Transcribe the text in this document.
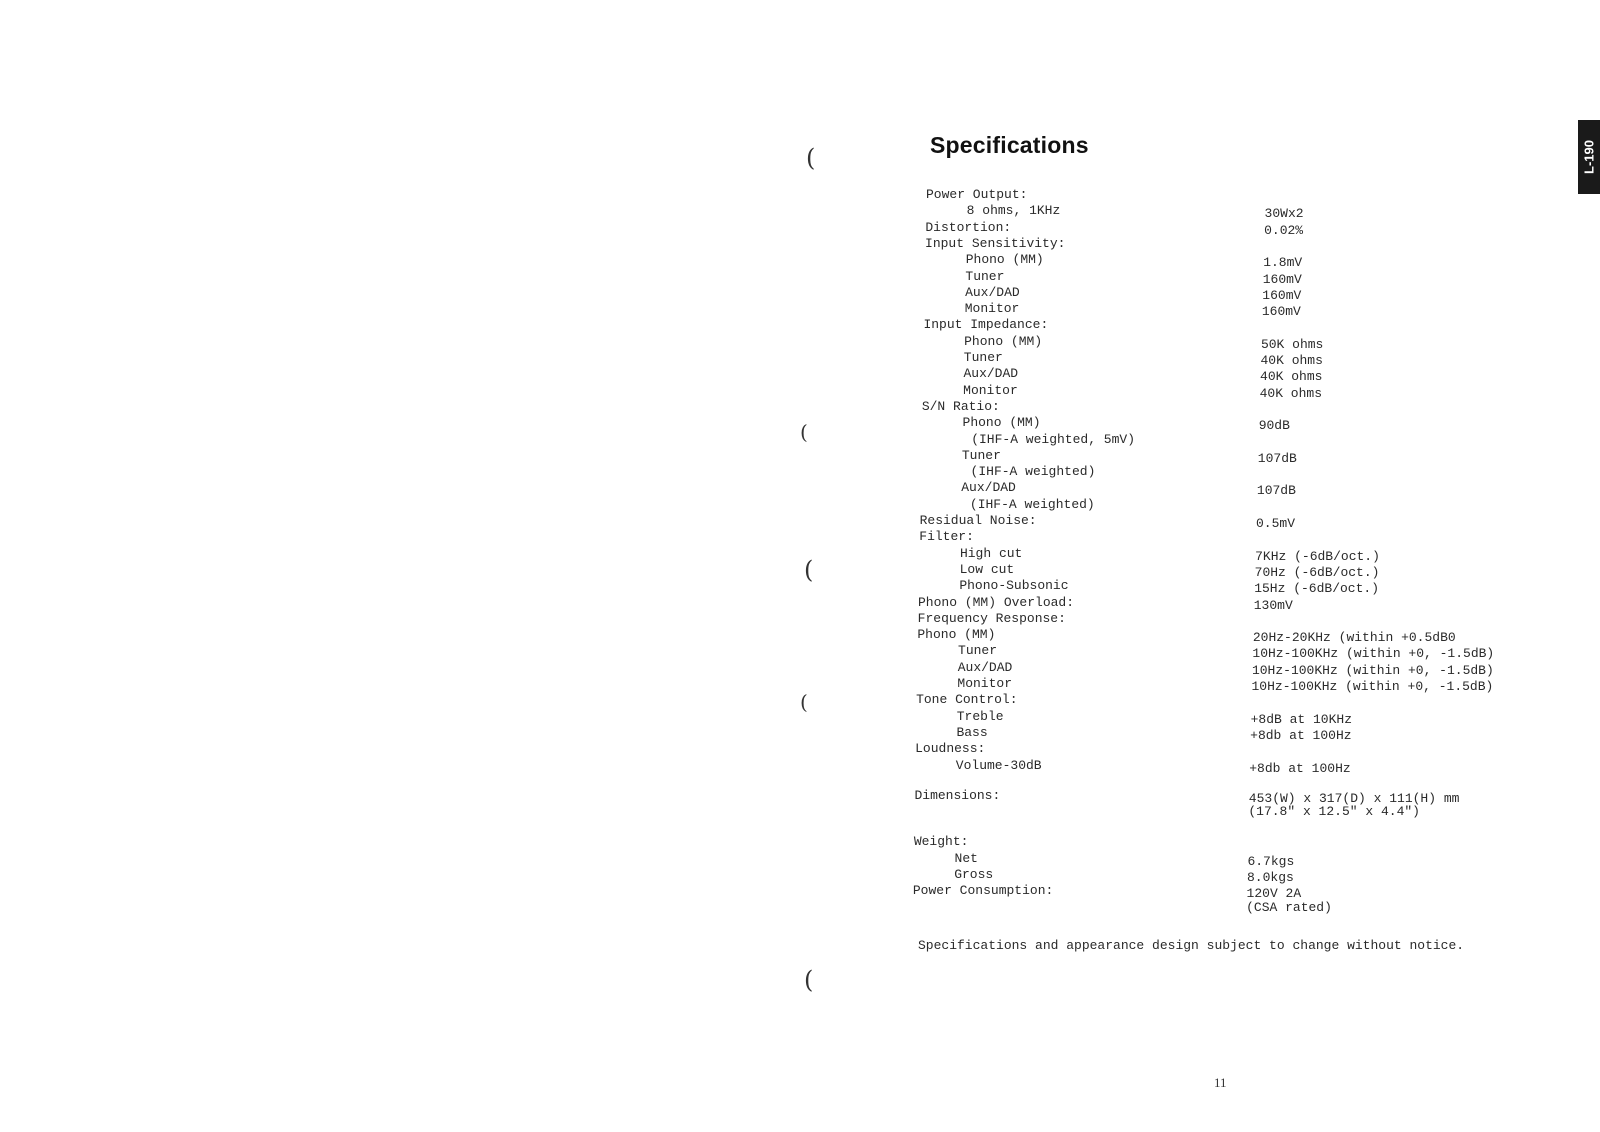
Specifications	L-190
Power Output:
8 ohms, 1KHz	30Wx2
Distortion:	0.02%
Input Sensitivity:
Phono (MM)	1.8mV
Tuner	160mV
Aux/DAD	160mV
Monitor	160mV
Input Impedance:
Phono (MM)	50K ohms
Tuner	40K ohms
Aux/DAD	40K ohms
Monitor	40K ohms
S/N Ratio:
Phono (MM)	90dB
(IHF-A weighted, 5mV)
Tuner	107dB
(IHF-A weighted)
Aux/DAD	107dB
(IHF-A weighted)
Residual Noise:	0.5mV
Filter:
High cut	7KHz (-6dB/oct.)
Low cut	70Hz (-6dB/oct.)
Phono-Subsonic	15Hz (-6dB/oct.)
Phono (MM) Overload:	130mV
Frequency Response:
Phono (MM)	20Hz-20KHz (within +0.5dB0
Tuner	10Hz-100KHz (within +0, -1.5dB)
Aux/DAD	10Hz-100KHz (within +0, -1.5dB)
Monitor	10Hz-100KHz (within +0, -1.5dB)
Tone Control:
Treble	+8dB at 10KHz
Bass	+8db at 100Hz
Loudness:
Volume-30dB	+8db at 100Hz
Dimensions:	453(W) x 317(D) x 111(H) mm
(17.8" x 12.5" x 4.4")
Weight:
Net	6.7kgs
Gross	8.0kgs
Power Consumption:	120V 2A
(CSA rated)
Specifications and appearance design subject to change without notice.
11
(
(
(
(
(
